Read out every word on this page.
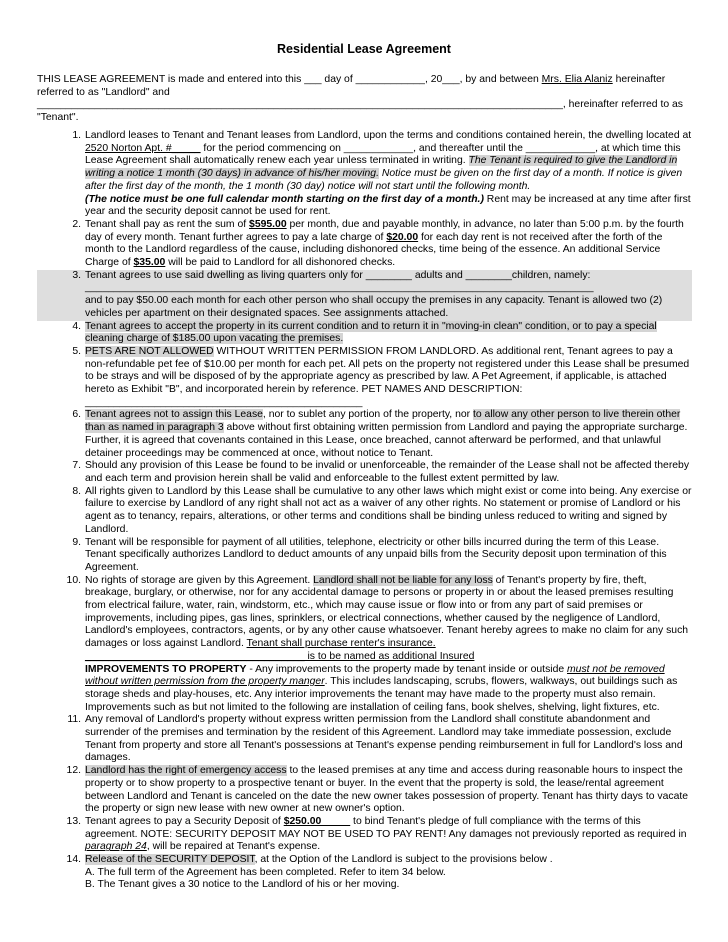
Residential Lease Agreement
THIS LEASE AGREEMENT is made and entered into this ___ day of ____________, 20___, by and between Mrs. Elia Alaniz hereinafter referred to as "Landlord" and ___________________________________________________________________________________________, hereinafter referred to as "Tenant".
1. Landlord leases to Tenant and Tenant leases from Landlord, upon the terms and conditions contained herein, the dwelling located at 2520 Norton Apt. #_____ for the period commencing on ____________, and thereafter until the ____________, at which time this Lease Agreement shall automatically renew each year unless terminated in writing. The Tenant is required to give the Landlord in writing a notice 1 month (30 days) in advance of his/her moving. Notice must be given on the first day of a month. If notice is given after the first day of the month, the 1 month (30 day) notice will not start until the following month.
(The notice must be one full calendar month starting on the first day of a month.) Rent may be increased at any time after first year and the security deposit cannot be used for rent.
2. Tenant shall pay as rent the sum of $595.00 per month, due and payable monthly, in advance, no later than 5:00 p.m. by the fourth day of every month. Tenant further agrees to pay a late charge of $20.00 for each day rent is not received after the forth of the month to the Landlord regardless of the cause, including dishonored checks, time being of the essence. An additional Service Charge of $35.00 will be paid to Landlord for all dishonored checks.
3. Tenant agrees to use said dwelling as living quarters only for ________ adults and ________children, namely:
________________________________________________________________________________________
and to pay $50.00 each month for each other person who shall occupy the premises in any capacity. Tenant is allowed two (2) vehicles per apartment on their designated spaces. See assignments attached.
4. Tenant agrees to accept the property in its current condition and to return it in "moving-in clean" condition, or to pay a special cleaning charge of $185.00 upon vacating the premises.
5. PETS ARE NOT ALLOWED WITHOUT WRITTEN PERMISSION FROM LANDLORD. As additional rent, Tenant agrees to pay a non-refundable pet fee of $10.00 per month for each pet. All pets on the property not registered under this Lease shall be presumed to be strays and will be disposed of by the appropriate agency as prescribed by law. A Pet Agreement, if applicable, is attached hereto as Exhibit "B", and incorporated herein by reference. PET NAMES AND DESCRIPTION:
________________________________________________
6. Tenant agrees not to assign this Lease, nor to sublet any portion of the property, nor to allow any other person to live therein other than as named in paragraph 3 above without first obtaining written permission from Landlord and paying the appropriate surcharge. Further, it is agreed that covenants contained in this Lease, once breached, cannot afterward be performed, and that unlawful detainer proceedings may be commenced at once, without notice to Tenant.
7. Should any provision of this Lease be found to be invalid or unenforceable, the remainder of the Lease shall not be affected thereby and each term and provision herein shall be valid and enforceable to the fullest extent permitted by law.
8. All rights given to Landlord by this Lease shall be cumulative to any other laws which might exist or come into being. Any exercise or failure to exercise by Landlord of any right shall not act as a waiver of any other rights. No statement or promise of Landlord or his agent as to tenancy, repairs, alterations, or other terms and conditions shall be binding unless reduced to writing and signed by Landlord.
9. Tenant will be responsible for payment of all utilities, telephone, electricity or other bills incurred during the term of this Lease. Tenant specifically authorizes Landlord to deduct amounts of any unpaid bills from the Security deposit upon termination of this Agreement.
10. No rights of storage are given by this Agreement. Landlord shall not be liable for any loss of Tenant's property by fire, theft, breakage, burglary, or otherwise, nor for any accidental damage to persons or property in or about the leased premises resulting from electrical failure, water, rain, windstorm, etc., which may cause issue or flow into or from any part of said premises or improvements, including pipes, gas lines, sprinklers, or electrical connections, whether caused by the negligence of Landlord, Landlord's employees, contractors, agents, or by any other cause whatsoever. Tenant hereby agrees to make no claim for any such damages or loss against Landlord. Tenant shall purchase renter's insurance.
______________________________________ is to be named as additional Insured
IMPROVEMENTS TO PROPERTY - Any improvements to the property made by tenant inside or outside must not be removed without written permission from the property manger. This includes landscaping, scrubs, flowers, walkways, out buildings such as storage sheds and play-houses, etc. Any interior improvements the tenant may have made to the property must also remain. Improvements such as but not limited to the following are installation of ceiling fans, book shelves, shelving, light fixtures, etc.
11. Any removal of Landlord's property without express written permission from the Landlord shall constitute abandonment and surrender of the premises and termination by the resident of this Agreement. Landlord may take immediate possession, exclude Tenant from property and store all Tenant's possessions at Tenant's expense pending reimbursement in full for Landlord's loss and damages.
12. Landlord has the right of emergency access to the leased premises at any time and access during reasonable hours to inspect the property or to show property to a prospective tenant or buyer. In the event that the property is sold, the lease/rental agreement between Landlord and Tenant is canceled on the date the new owner takes possession of property. Tenant has thirty days to vacate the property or sign new lease with new owner at new owner's option.
13. Tenant agrees to pay a Security Deposit of $250.00_____ to bind Tenant's pledge of full compliance with the terms of this agreement. NOTE: SECURITY DEPOSIT MAY NOT BE USED TO PAY RENT! Any damages not previously reported as required in paragraph 24, will be repaired at Tenant's expense.
14. Release of the SECURITY DEPOSIT, at the Option of the Landlord is subject to the provisions below .
A. The full term of the Agreement has been completed. Refer to item 34 below.
B. The Tenant gives a 30 notice to the Landlord of his or her moving.
